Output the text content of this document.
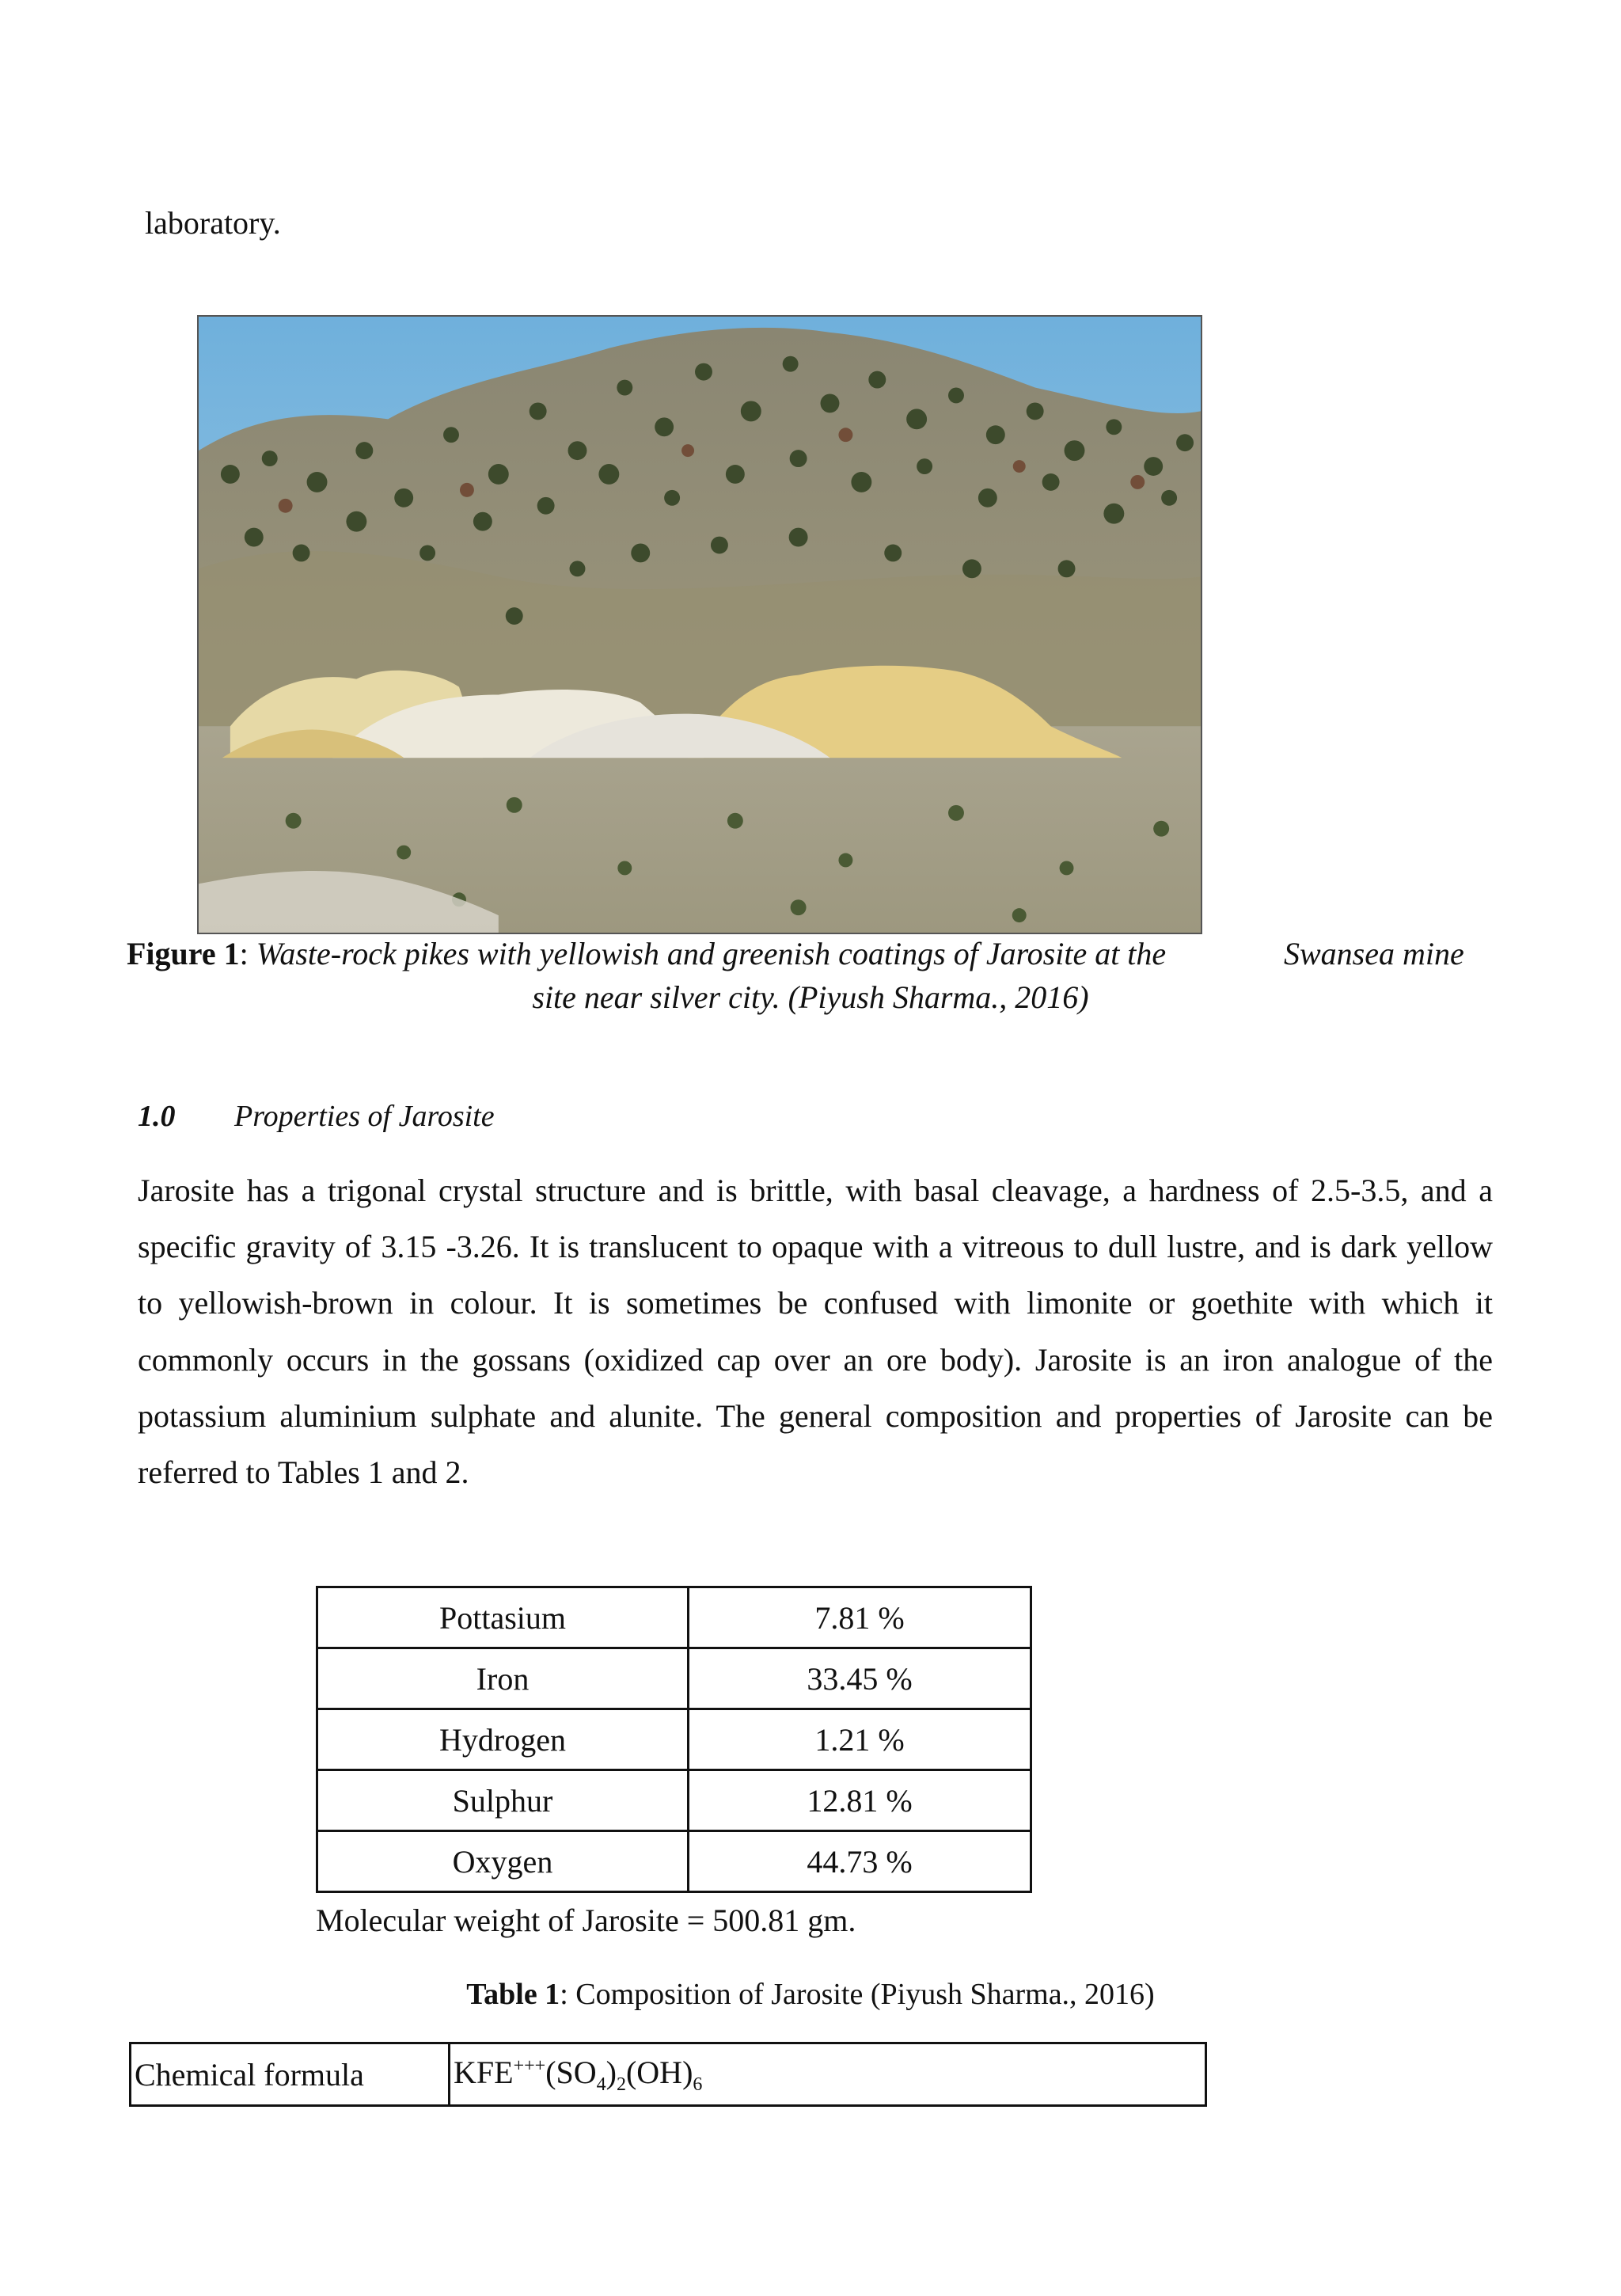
laboratory.
Figure 1: Waste-rock pikes with yellowish and greenish coatings of Jarosite at the	Swansea mine
site near silver city. (Piyush Sharma., 2016)
1.0 Properties of Jarosite
Jarosite has a trigonal crystal structure and is brittle, with basal cleavage, a hardness of 2.5-3.5, and a
specific gravity of 3.15 -3.26. It is translucent to opaque with a vitreous to dull lustre, and is dark yellow
to yellowish-brown in colour. It is sometimes be confused with limonite or goethite with which it
commonly occurs in the gossans (oxidized cap over an ore body). Jarosite is an iron analogue of the
potassium aluminium sulphate and alunite. The general composition and properties of Jarosite can be
referred to Tables 1 and 2.
Pottasium	7.81 %
Iron	33.45 %
Hydrogen	1.21 %
Sulphur	12.81 %
Oxygen	44.73 %
Molecular weight of Jarosite = 500.81 gm.
Table 1: Composition of Jarosite (Piyush Sharma., 2016)
Chemical formula	$KFE^{+++}(SO_4)_2(OH)_6$
